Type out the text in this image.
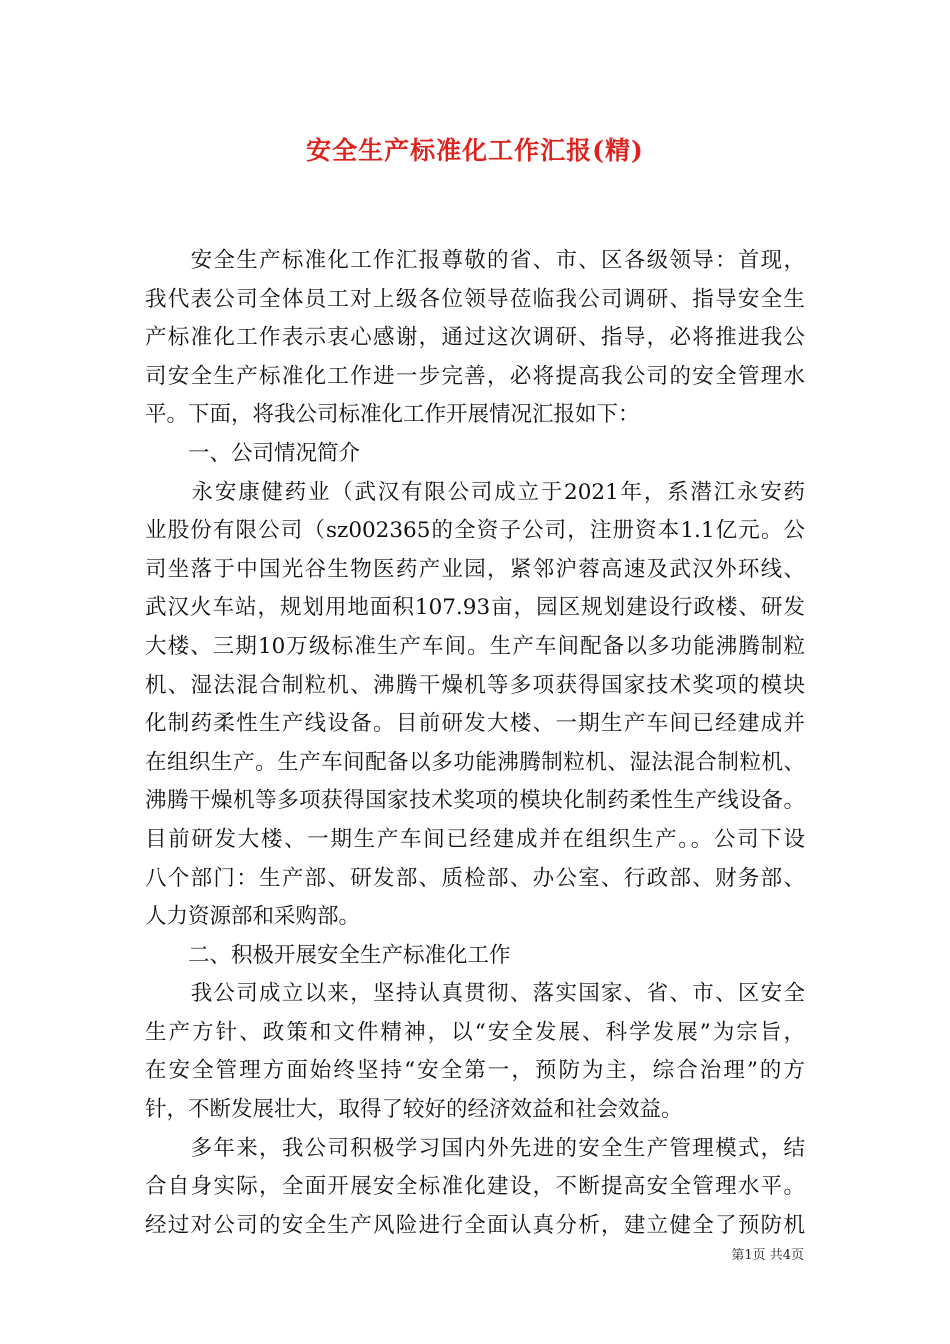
安全生产标准化工作汇报(精)
　　安全生产标准化工作汇报尊敬的省、市、区各级领导：首现，
我代表公司全体员工对上级各位领导莅临我公司调研、指导安全生
产标准化工作表示衷心感谢，通过这次调研、指导，必将推进我公
司安全生产标准化工作进一步完善，必将提高我公司的安全管理水
平。下面，将我公司标准化工作开展情况汇报如下：
　　一、公司情况简介
　　永安康健药业（武汉有限公司成立于2021年，系潜江永安药
业股份有限公司（sz002365的全资子公司，注册资本1.1亿元。公
司坐落于中国光谷生物医药产业园，紧邻沪蓉高速及武汉外环线、
武汉火车站，规划用地面积107.93亩，园区规划建设行政楼、研发
大楼、三期10万级标准生产车间。生产车间配备以多功能沸腾制粒
机、湿法混合制粒机、沸腾干燥机等多项获得国家技术奖项的模块
化制药柔性生产线设备。目前研发大楼、一期生产车间已经建成并
在组织生产。生产车间配备以多功能沸腾制粒机、湿法混合制粒机、
沸腾干燥机等多项获得国家技术奖项的模块化制药柔性生产线设备。
目前研发大楼、一期生产车间已经建成并在组织生产。。公司下设
八个部门：生产部、研发部、质检部、办公室、行政部、财务部、
人力资源部和采购部。
　　二、积极开展安全生产标准化工作
　　我公司成立以来，坚持认真贯彻、落实国家、省、市、区安全
生产方针、政策和文件精神，以“安全发展、科学发展”为宗旨，
在安全管理方面始终坚持“安全第一，预防为主，综合治理”的方
针，不断发展壮大，取得了较好的经济效益和社会效益。
　　多年来，我公司积极学习国内外先进的安全生产管理模式，结
合自身实际，全面开展安全标准化建设，不断提高安全管理水平。
经过对公司的安全生产风险进行全面认真分析，建立健全了预防机
第1页 共4页
